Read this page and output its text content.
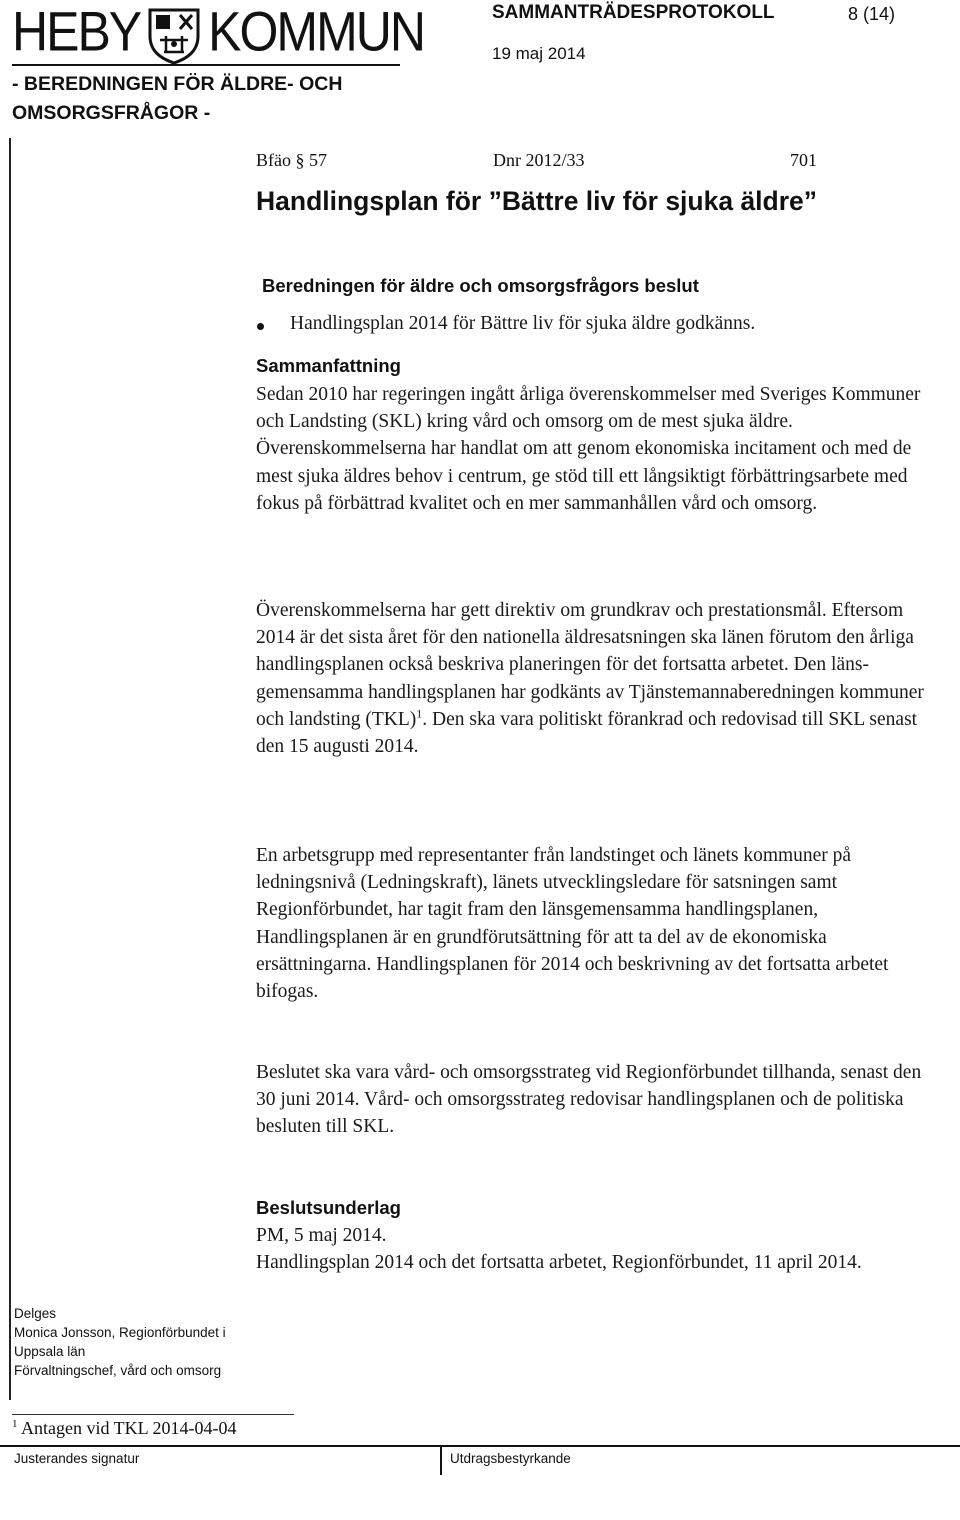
HEBY KOMMUN
- BEREDNINGEN FÖR ÄLDRE- OCH OMSORGSFRÅGOR -
SAMMANTRÄDESPROTOKOLL	8 (14)
19 maj 2014
Bfäo § 57	Dnr 2012/33	701
Handlingsplan för ”Bättre liv för sjuka äldre”
Beredningen för äldre och omsorgsfrågors beslut
Handlingsplan 2014 för Bättre liv för sjuka äldre godkänns.
Sammanfattning

Sedan 2010 har regeringen ingått årliga överenskommelser med Sveriges Kommuner och Landsting (SKL) kring vård och omsorg om de mest sjuka äldre. Överenskommelserna har handlat om att genom ekonomiska incitament och med de mest sjuka äldres behov i centrum, ge stöd till ett långsiktigt förbättringsarbete med fokus på förbättrad kvalitet och en mer sammanhållen vård och omsorg.

Överenskommelserna har gett direktiv om grundkrav och prestationsmål. Eftersom 2014 är det sista året för den nationella äldresatsningen ska länen förutom den årliga handlingsplanen också beskriva planeringen för det fortsatta arbetet. Den läns-gemensamma handlingsplanen har godkänts av Tjänstemannaberedningen kommuner och landsting (TKL)$^1$. Den ska vara politiskt förankrad och redovisad till SKL senast den 15 augusti 2014.

En arbetsgrupp med representanter från landstinget och länets kommuner på ledningsnivå (Ledningskraft), länets utvecklingsledare för satsningen samt Regionförbundet, har tagit fram den länsgemensamma handlingsplanen, Handlingsplanen är en grundförutsättning för att ta del av de ekonomiska ersättningarna. Handlingsplanen för 2014 och beskrivning av det fortsatta arbetet bifogas.

Beslutet ska vara vård- och omsorgsstrateg vid Regionförbundet tillhanda, senast den

30 juni 2014. Vård- och omsorgsstrateg redovisar handlingsplanen och de politiska besluten till SKL.

Beslutsunderlag

PM, 5 maj 2014.

Handlingsplan 2014 och det fortsatta arbetet, Regionförbundet, 11 april 2014.

Delges
Monica Jonsson, Regionförbundet i Uppsala län
Förvaltningschef, vård och omsorg
$^1$ Antagen vid TKL 2014-04-04
Justerandes signatur	Utdragsbestyrkande
